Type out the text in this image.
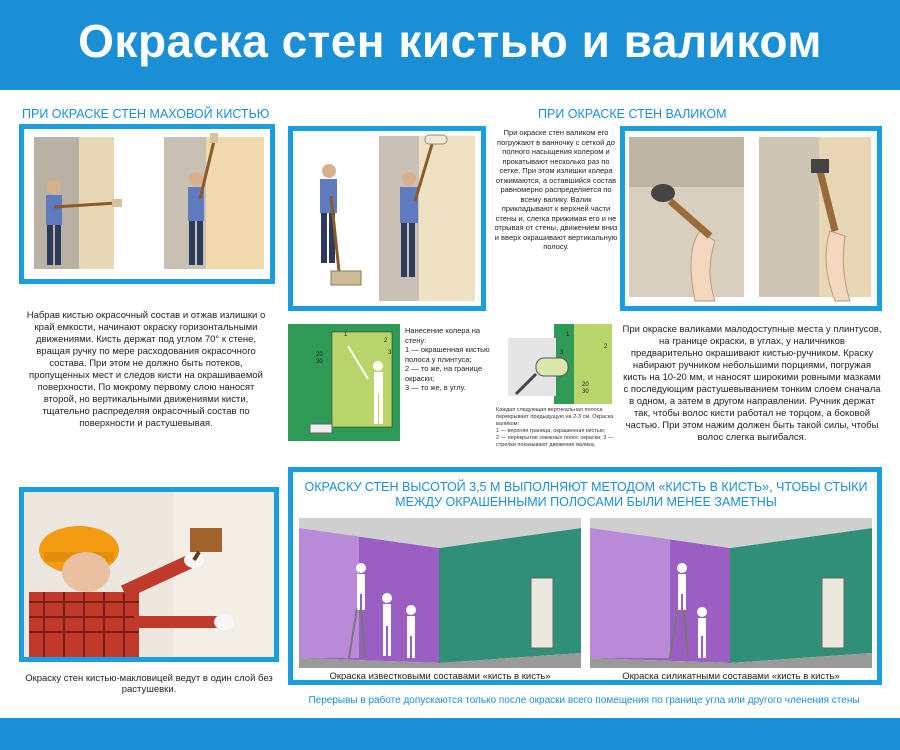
Окраска стен кистью и валиком
ПРИ ОКРАСКЕ СТЕН МАХОВОЙ КИСТЬЮ
Набрав кистью окрасочный состав и отжав излишки о край емкости, начинают окраску горизонтальными движениями. Кисть держат под углом 70° к стене, вращая ручку по мере расходования окрасочного состава. При этом не должно быть потеков, пропущенных мест и следов кисти на окрашиваемой поверхности. По мокрому первому слою наносят второй, но вертикальными движениями кисти, тщательно распределяя окрасочный состав по поверхности и растушевывая.
ПРИ ОКРАСКЕ СТЕН ВАЛИКОМ
При окраске стен валиком его погружают в ванночку с сеткой до полного насыщения колером и прокатывают несколько раз по сетке. При этом излишки колера отжимаются, а оставшийся состав равномерно распределяется по всему валику. Валик прикладывают к верхней части стены и, слегка прижимая его и не отрывая от стены, движением вниз и вверх окрашивают вертикальную полосу.
20
30
1
2
3
Нанесение колера на стену:
1 — окрашенная кистью полоса у плинтуса;
2 — то же, на границе окраски;
3 — то же, в углу.
1
2
3
20
30
Каждая следующая вертикальная полоса перекрывает предыдущую на 2-3 см. Окраска валиком:
1 — верхняя граница, окрашенная кистью;
2 — перекрытие смежных полос окраски; 3 — стрелки показывают движение валика.
При окраске валиками малодоступные места у плинтусов, на границе окраски, в углах, у наличников предварительно окрашивают кистью-ручником. Краску набирают ручником небольшими порциями, погружая кисть на 10-20 мм, и наносят широкими ровными мазками с последующим растушевыванием тонким слоем сначала в одном, а затем в другом направлении. Ручник держат так, чтобы волос кисти работал не торцом, а боковой частью. При этом нажим должен быть такой силы, чтобы волос слегка выгибался.
Окраску стен кистью-макловицей ведут в один слой без растушевки.
ОКРАСКУ СТЕН ВЫСОТОЙ 3,5 М ВЫПОЛНЯЮТ МЕТОДОМ «КИСТЬ В КИСТЬ», ЧТОБЫ СТЫКИ МЕЖДУ ОКРАШЕННЫМИ ПОЛОСАМИ БЫЛИ МЕНЕЕ ЗАМЕТНЫ
Окраска известковыми составами «кисть в кисть»	Окраска силикатными составами «кисть в кисть»
Перерывы в работе допускаются только после окраски всего помещения по границе угла или другого членения стены
